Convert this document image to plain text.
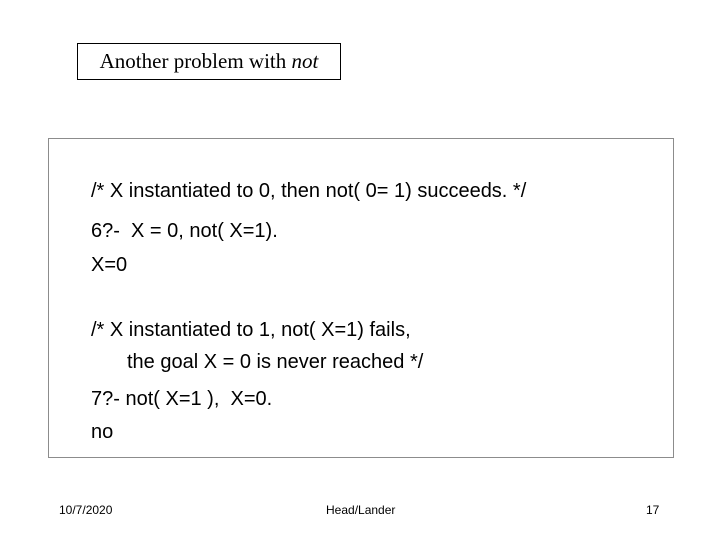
Another problem with
not
/* X instantiated to 0, then not( 0= 1) succeeds. */
6?-  X = 0, not( X=1).
X=0
/* X instantiated to 1, not( X=1) fails,
the goal X = 0 is never reached */
7?- not( X=1 ),  X=0.
no
10/7/2020	Head/Lander	17
